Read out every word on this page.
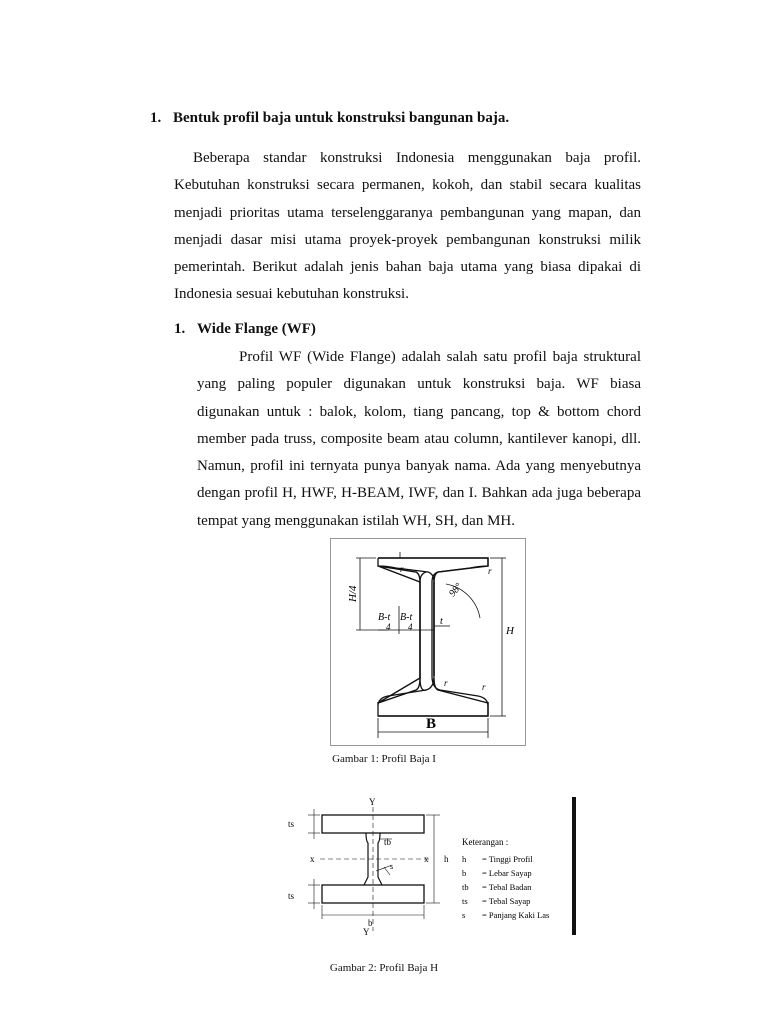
1. Bentuk profil baja untuk konstruksi bangunan baja.
Beberapa standar konstruksi Indonesia menggunakan baja profil.
Kebutuhan konstruksi secara permanen, kokoh, dan stabil secara kualitas
menjadi prioritas utama terselenggaranya pembangunan yang mapan, dan
menjadi dasar misi utama proyek-proyek pembangunan konstruksi milik
pemerintah. Berikut adalah jenis bahan baja utama yang biasa dipakai di
Indonesia sesuai kebutuhan konstruksi.
1. Wide Flange (WF)
Profil WF (Wide Flange) adalah salah satu profil baja struktural
yang paling populer digunakan untuk konstruksi baja. WF biasa
digunakan untuk : balok, kolom, tiang pancang, top & bottom chord
member pada truss, composite beam atau column, kantilever kanopi, dll.
Namun, profil ini ternyata punya banyak nama. Ada yang menyebutnya
dengan profil H, HWF, H-BEAM, IWF, dan I. Bahkan ada juga beberapa
tempat yang menggunakan istilah WH, SH, dan MH.
H/4
B-t
4
B-t
4	t
H
98°
r
r
r
r
B
Gambar 1: Profil Baja I
Y
Y
x	x h
b
tb
ts
ts
s
Keterangan :
h = Tinggi Profil
b = Lebar Sayap
tb = Tebal Badan
ts = Tebal Sayap
s = Panjang Kaki Las
Gambar 2: Profil Baja H
